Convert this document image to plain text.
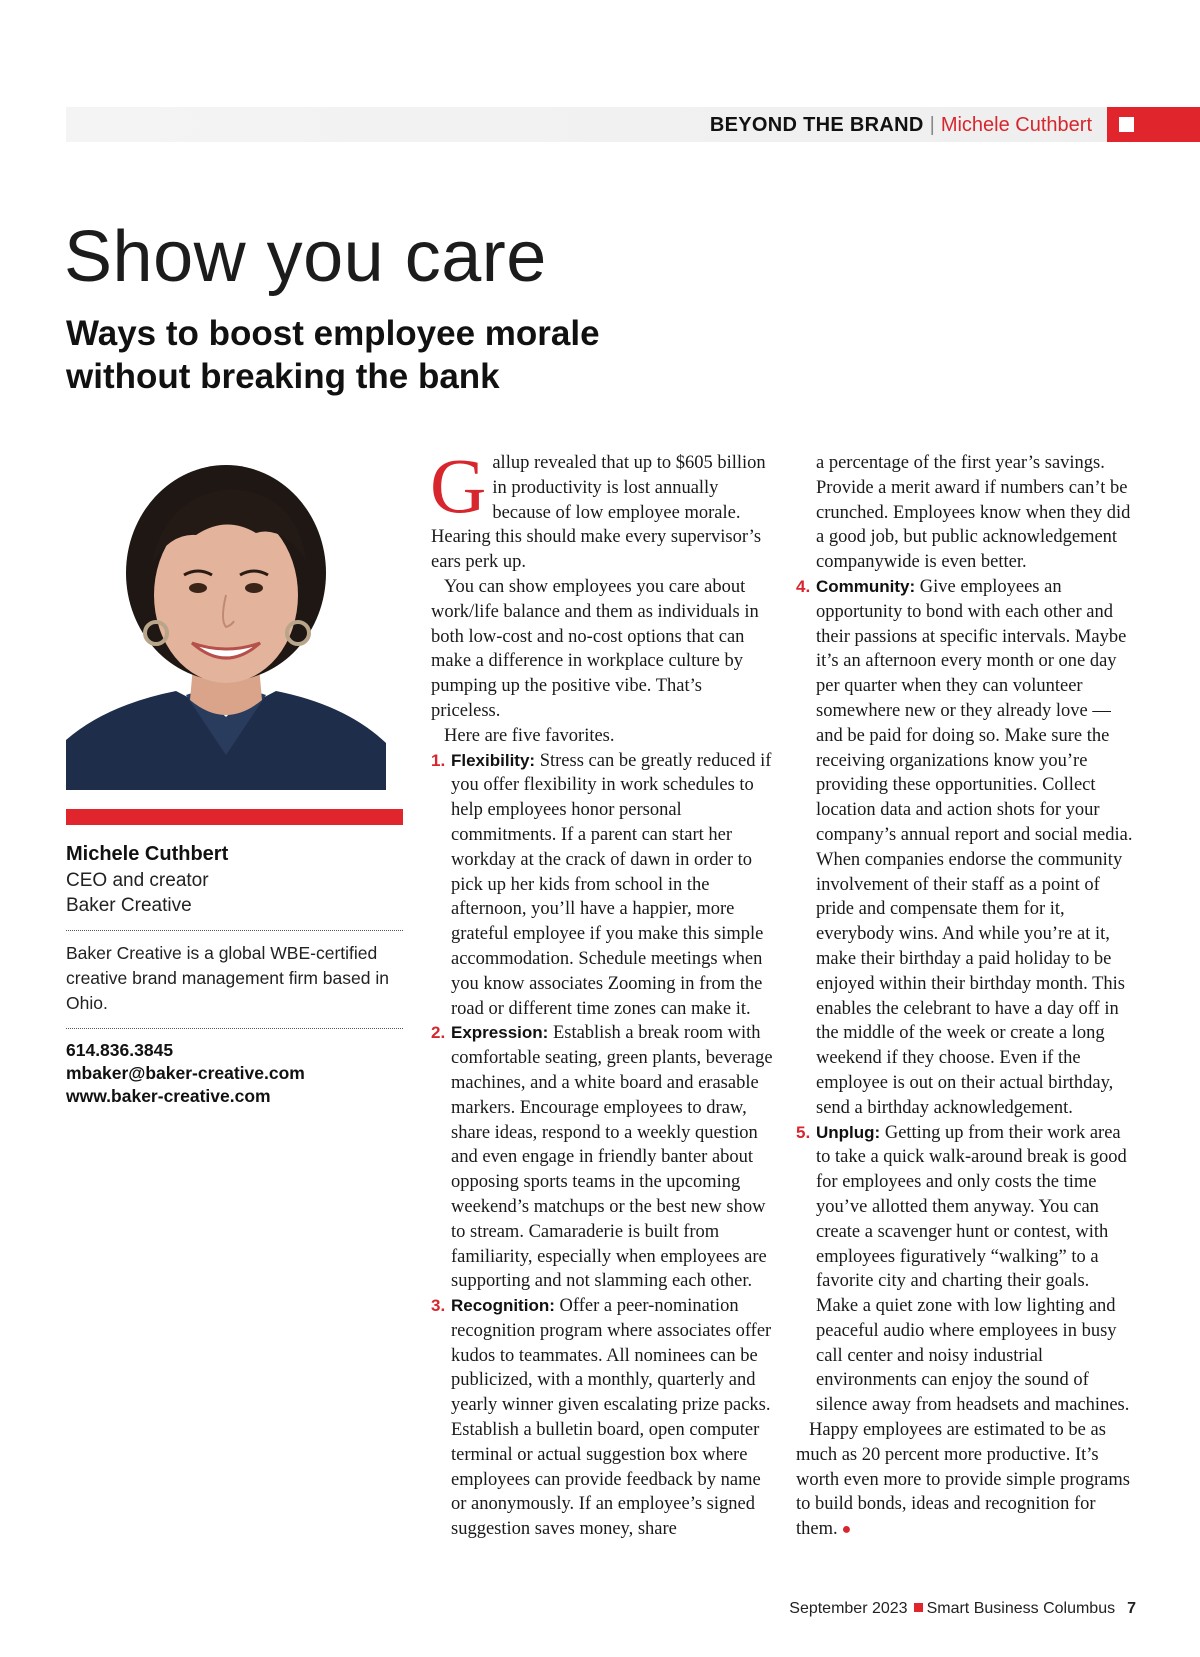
BEYOND THE BRAND | Michele Cuthbert
Show you care
Ways to boost employee morale without breaking the bank
Michele Cuthbert
CEO and creator
Baker Creative
Baker Creative is a global WBE-certified creative brand management firm based in Ohio.
614.836.3845
mbaker@baker-creative.com
www.baker-creative.com

Gallup revealed that up to $605 billion in productivity is lost annually because of low employee morale. Hearing this should make every supervisor’s ears perk up.

You can show employees you care about work/life balance and them as individuals in both low-cost and no-cost options that can make a difference in workplace culture by pumping up the positive vibe. That’s priceless.

Here are five favorites.

1. Flexibility: Stress can be greatly reduced if you offer flexibility in work schedules to help employees honor personal commitments. If a parent can start her workday at the crack of dawn in order to pick up her kids from school in the afternoon, you’ll have a happier, more grateful employee if you make this simple accommodation. Schedule meetings when you know associates Zooming in from the road or different time zones can make it.
2. Expression: Establish a break room with comfortable seating, green plants, beverage machines, and a white board and erasable markers. Encourage employees to draw, share ideas, respond to a weekly question and even engage in friendly banter about opposing sports teams in the upcoming weekend’s matchups or the best new show to stream. Camaraderie is built from familiarity, especially when employees are supporting and not slamming each other.
3. Recognition: Offer a peer-nomination recognition program where associates offer kudos to teammates. All nominees can be publicized, with a monthly, quarterly and yearly winner given escalating prize packs. Establish a bulletin board, open computer terminal or actual suggestion box where employees can provide feedback by name or anonymously. If an employee’s signed suggestion saves money, share

a percentage of the first year’s savings. Provide a merit award if numbers can’t be crunched. Employees know when they did a good job, but public acknowledgement companywide is even better.

4. Community: Give employees an opportunity to bond with each other and their passions at specific intervals. Maybe it’s an afternoon every month or one day per quarter when they can volunteer somewhere new or they already love — and be paid for doing so. Make sure the receiving organizations know you’re providing these opportunities. Collect location data and action shots for your company’s annual report and social media. When companies endorse the community involvement of their staff as a point of pride and compensate them for it, everybody wins. And while you’re at it, make their birthday a paid holiday to be enjoyed within their birthday month. This enables the celebrant to have a day off in the middle of the week or create a long weekend if they choose. Even if the employee is out on their actual birthday, send a birthday acknowledgement.
5. Unplug: Getting up from their work area to take a quick walk-around break is good for employees and only costs the time you’ve allotted them anyway. You can create a scavenger hunt or contest, with employees figuratively “walking” to a favorite city and charting their goals. Make a quiet zone with low lighting and peaceful audio where employees in busy call center and noisy industrial environments can enjoy the sound of silence away from headsets and machines.

Happy employees are estimated to be as much as 20 percent more productive. It’s worth even more to provide simple programs to build bonds, ideas and recognition for them. ●

September 2023 Smart Business Columbus 7
